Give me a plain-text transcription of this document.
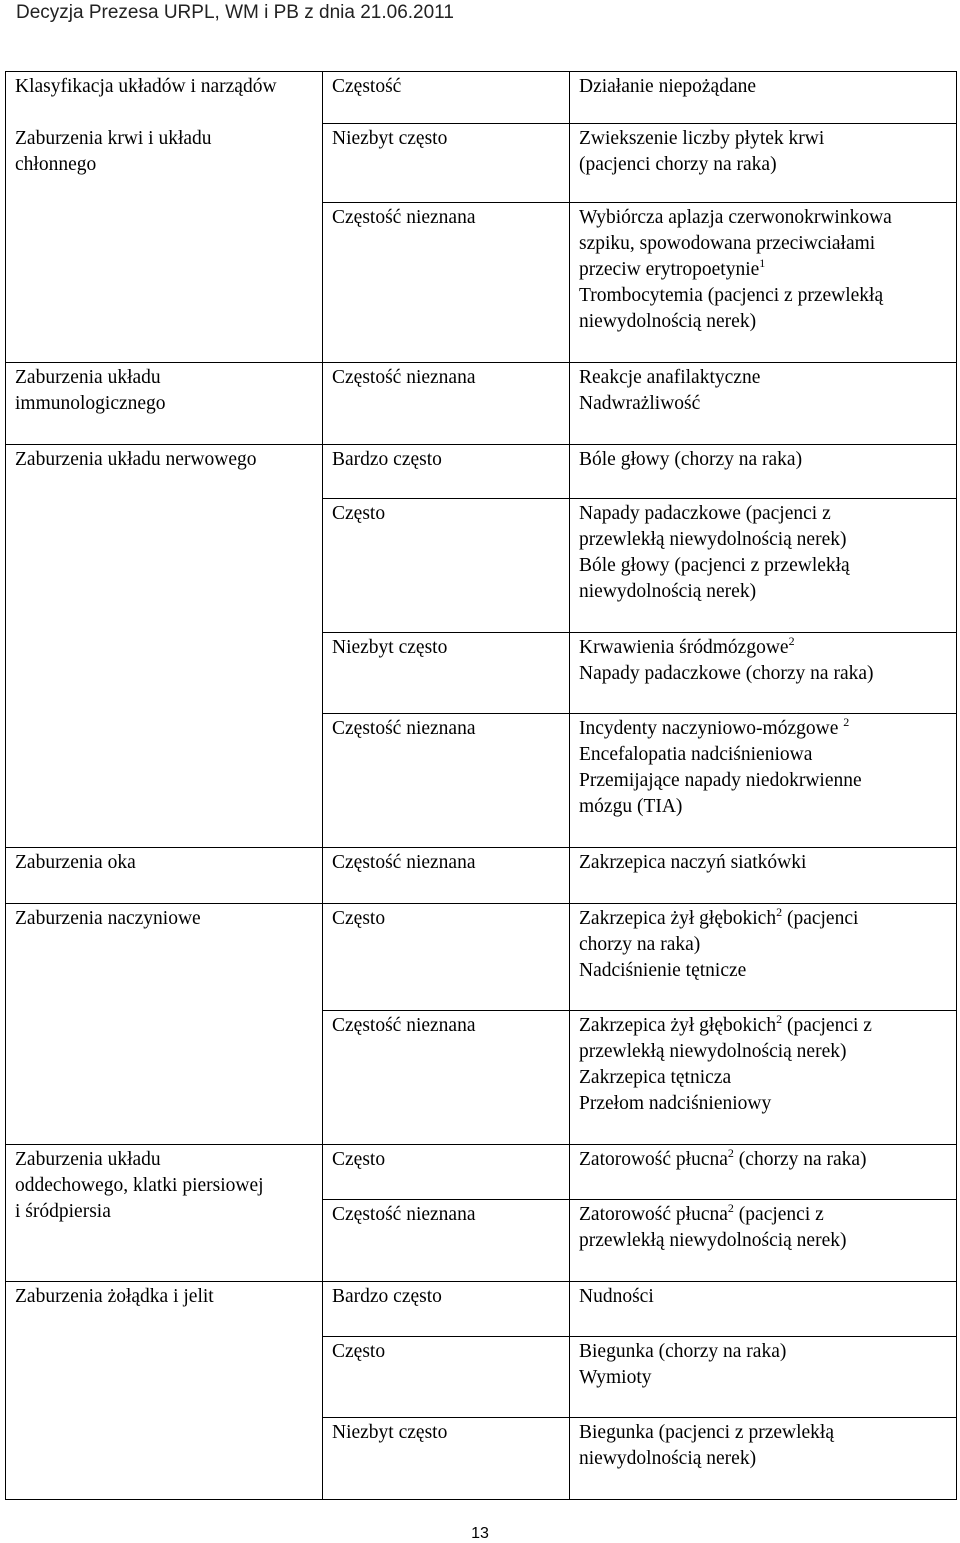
Decyzja Prezesa URPL, WM i PB z dnia 21.06.2011
Klasyfikacja układów i narządów	Częstość	Działanie niepożądane

Zaburzenia krwi i układu
chłonnego	Niezbyt często	Zwiekszenie liczby płytek krwi
(pacjenci chorzy na raka)

	Częstość nieznana	Wybiórcza aplazja czerwonokrwinkowa
szpiku, spowodowana przeciwciałami
przeciw erytropoetynie$^1$
Trombocytemia (pacjenci z przewlekłą
niewydolnością nerek)

Zaburzenia układu
immunologicznego	Częstość nieznana	Reakcje anafilaktyczne
Nadwrażliwość

Zaburzenia układu nerwowego	Bardzo często	Bóle głowy (chorzy na raka)
	Często	Napady padaczkowe (pacjenci z
przewlekłą niewydolnością nerek)
Bóle głowy (pacjenci z przewlekłą
niewydolnością nerek)

	Niezbyt często	Krwawienia śródmózgowe$^2$
Napady padaczkowe (chorzy na raka)

	Częstość nieznana	Incydenty naczyniowo-mózgowe $^2$
Encefalopatia nadciśnieniowa
Przemijające napady niedokrwienne
mózgu (TIA)

Zaburzenia oka	Częstość nieznana	Zakrzepica naczyń siatkówki
Zaburzenia naczyniowe	Często	Zakrzepica żył głębokich$^2$ (pacjenci
chorzy na raka)
Nadciśnienie tętnicze

	Częstość nieznana	Zakrzepica żył głębokich$^2$ (pacjenci z
przewlekłą niewydolnością nerek)
Zakrzepica tętnicza
Przełom nadciśnieniowy

Zaburzenia układu
oddechowego, klatki piersiowej
i śródpiersia	Często	Zatorowość płucna$^2$ (chorzy na raka)

	Częstość nieznana	Zatorowość płucna$^2$ (pacjenci z
przewlekłą niewydolnością nerek)

Zaburzenia żołądka i jelit	Bardzo często	Nudności
	Często	Biegunka (chorzy na raka)
Wymioty

	Niezbyt często	Biegunka (pacjenci z przewlekłą
niewydolnością nerek)
13
